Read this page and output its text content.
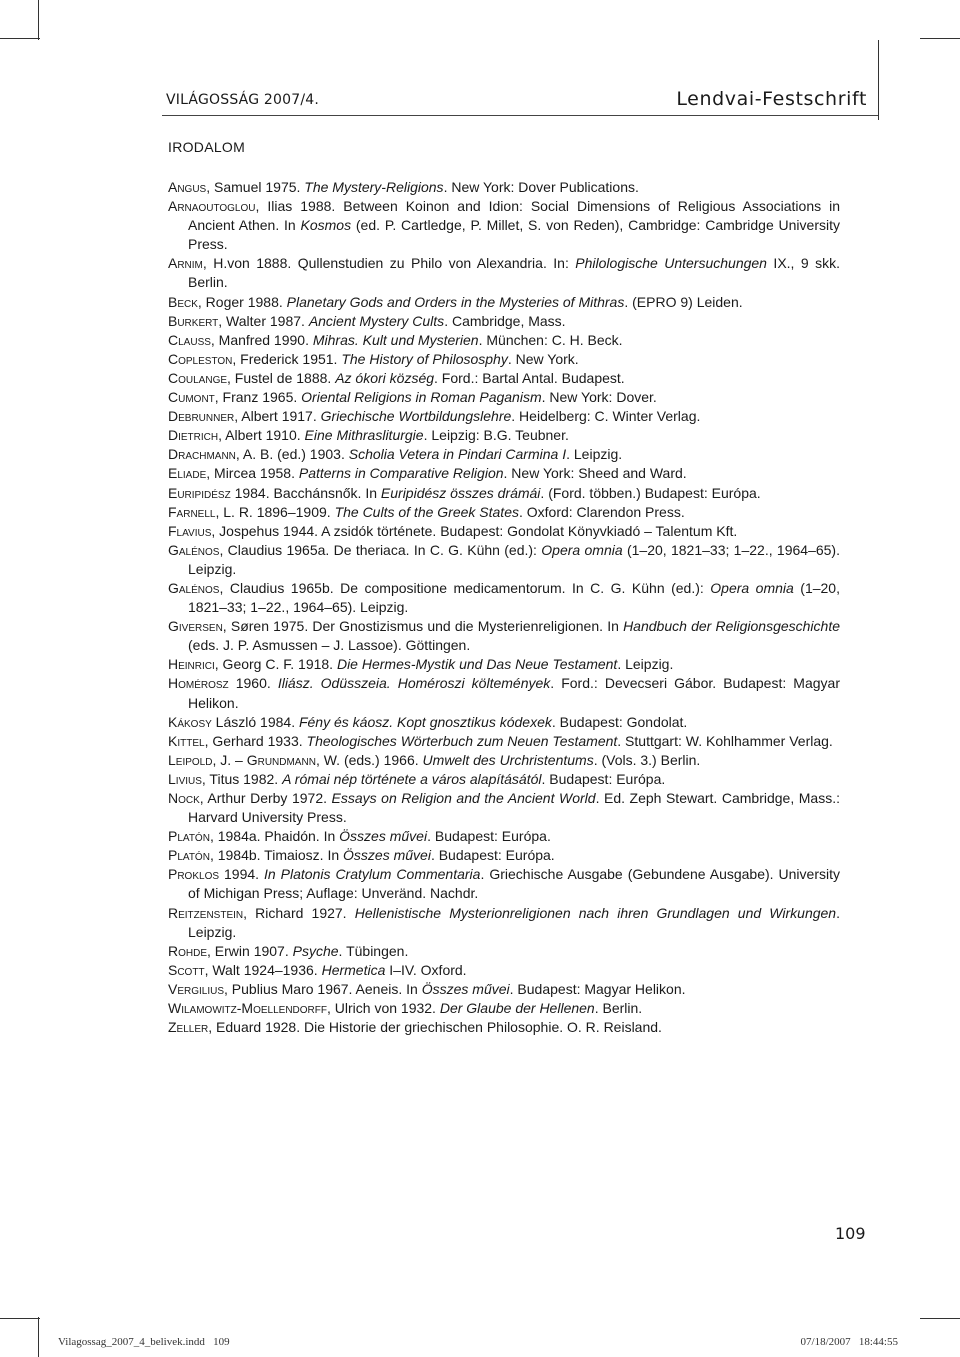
VILÁGOSSÁG 2007/4.	Lendvai-Festschrift
IRODALOM
Angus, Samuel 1975. The Mystery-Religions. New York: Dover Publications.
Arnaoutoglou, Ilias 1988. Between Koinon and Idion: Social Dimensions of Religious Associations in Ancient Athen. In Kosmos (ed. P. Cartledge, P. Millet, S. von Reden), Cambridge: Cambridge University Press.
Arnim, H.von 1888. Qullenstudien zu Philo von Alexandria. In: Philologische Untersuchungen IX., 9 skk. Berlin.
Beck, Roger 1988. Planetary Gods and Orders in the Mysteries of Mithras. (EPRO 9) Leiden.
Burkert, Walter 1987. Ancient Mystery Cults. Cambridge, Mass.
Clauss, Manfred 1990. Mihras. Kult und Mysterien. München: C. H. Beck.
Copleston, Frederick 1951. The History of Philososphy. New York.
Coulange, Fustel de 1888. Az ókori község. Ford.: Bartal Antal. Budapest.
Cumont, Franz 1965. Oriental Religions in Roman Paganism. New York: Dover.
Debrunner, Albert 1917. Griechische Wortbildungslehre. Heidelberg: C. Winter Verlag.
Dietrich, Albert 1910. Eine Mithrasliturgie. Leipzig: B.G. Teubner.
Drachmann, A. B. (ed.) 1903. Scholia Vetera in Pindari Carmina I. Leipzig.
Eliade, Mircea 1958. Patterns in Comparative Religion. New York: Sheed and Ward.
Euripidész 1984. Bacchánsnők. In Euripidész összes drámái. (Ford. többen.) Budapest: Európa.
Farnell, L. R. 1896–1909. The Cults of the Greek States. Oxford: Clarendon Press.
Flavius, Jospehus 1944. A zsidók története. Budapest: Gondolat Könyvkiadó – Talentum Kft.
Galénos, Claudius 1965a. De theriaca. In C. G. Kühn (ed.): Opera omnia (1–20, 1821–33; 1–22., 1964–65). Leipzig.
Galénos, Claudius 1965b. De compositione medicamentorum. In C. G. Kühn (ed.): Opera omnia (1–20, 1821–33; 1–22., 1964–65). Leipzig.
Giversen, Søren 1975. Der Gnostizismus und die Mysterienreligionen. In Handbuch der Religionsgeschichte (eds. J. P. Asmussen – J. Lassoe). Göttingen.
Heinrici, Georg C. F. 1918. Die Hermes-Mystik und Das Neue Testament. Leipzig.
Homérosz 1960. Iliász. Odüsszeia. Homéroszi költemények. Ford.: Devecseri Gábor. Budapest: Magyar Helikon.
Kákosy László 1984. Fény és káosz. Kopt gnosztikus kódexek. Budapest: Gondolat.
Kittel, Gerhard 1933. Theologisches Wörterbuch zum Neuen Testament. Stuttgart: W. Kohlhammer Verlag.
Leipold, J. – Grundmann, W. (eds.) 1966. Umwelt des Urchristentums. (Vols. 3.) Berlin.
Livius, Titus 1982. A római nép története a város alapításától. Budapest: Európa.
Nock, Arthur Derby 1972. Essays on Religion and the Ancient World. Ed. Zeph Stewart. Cambridge, Mass.: Harvard University Press.
Platón, 1984a. Phaidón. In Összes művei. Budapest: Európa.
Platón, 1984b. Timaiosz. In Összes művei. Budapest: Európa.
Proklos 1994. In Platonis Cratylum Commentaria. Griechische Ausgabe (Gebundene Ausgabe). University of Michigan Press; Auflage: Unveränd. Nachdr.
Reitzenstein, Richard 1927. Hellenistische Mysterionreligionen nach ihren Grundlagen und Wirkungen. Leipzig.
Rohde, Erwin 1907. Psyche. Tübingen.
Scott, Walt 1924–1936. Hermetica I–IV. Oxford.
Vergilius, Publius Maro 1967. Aeneis. In Összes művei. Budapest: Magyar Helikon.
Wilamowitz-Moellendorff, Ulrich von 1932. Der Glaube der Hellenen. Berlin.
Zeller, Eduard 1928. Die Historie der griechischen Philosophie. O. R. Reisland.
109
Vilagossag_2007_4_belivek.indd   109	07/18/2007   18:44:55
